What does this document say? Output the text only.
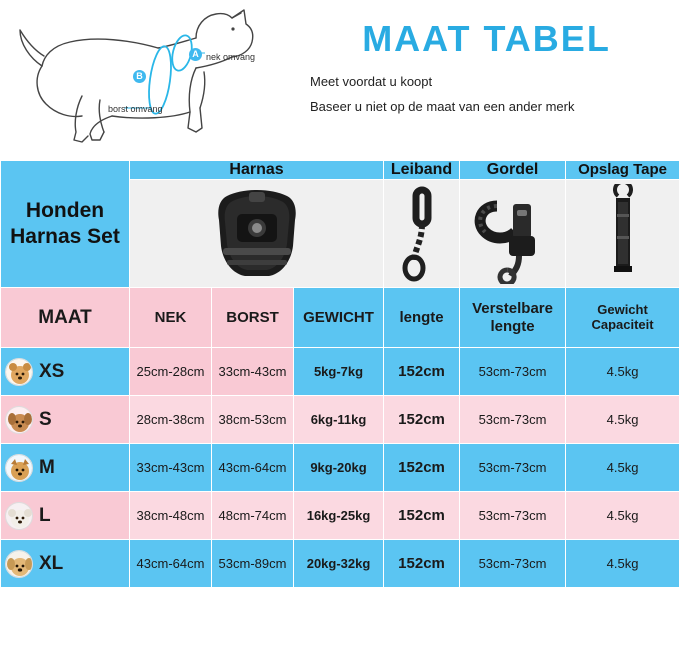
A
B
nek omvang
borst omvang
MAAT TABEL
Meet voordat u koopt
Baseer u niet op de maat van een ander merk
Honden Harnas Set	Harnas			Leiband	Gordel	Opslag Tape

MAAT	NEK	BORST	GEWICHT	lengte	Verstelbare lengte	Gewicht Capaciteit

XS	25cm-28cm	33cm-43cm	5kg-7kg	152cm	53cm-73cm	4.5kg

S	28cm-38cm	38cm-53cm	6kg-11kg	152cm	53cm-73cm	4.5kg

M	33cm-43cm	43cm-64cm	9kg-20kg	152cm	53cm-73cm	4.5kg

L	38cm-48cm	48cm-74cm	16kg-25kg	152cm	53cm-73cm	4.5kg

XL	43cm-64cm	53cm-89cm	20kg-32kg	152cm	53cm-73cm	4.5kg
